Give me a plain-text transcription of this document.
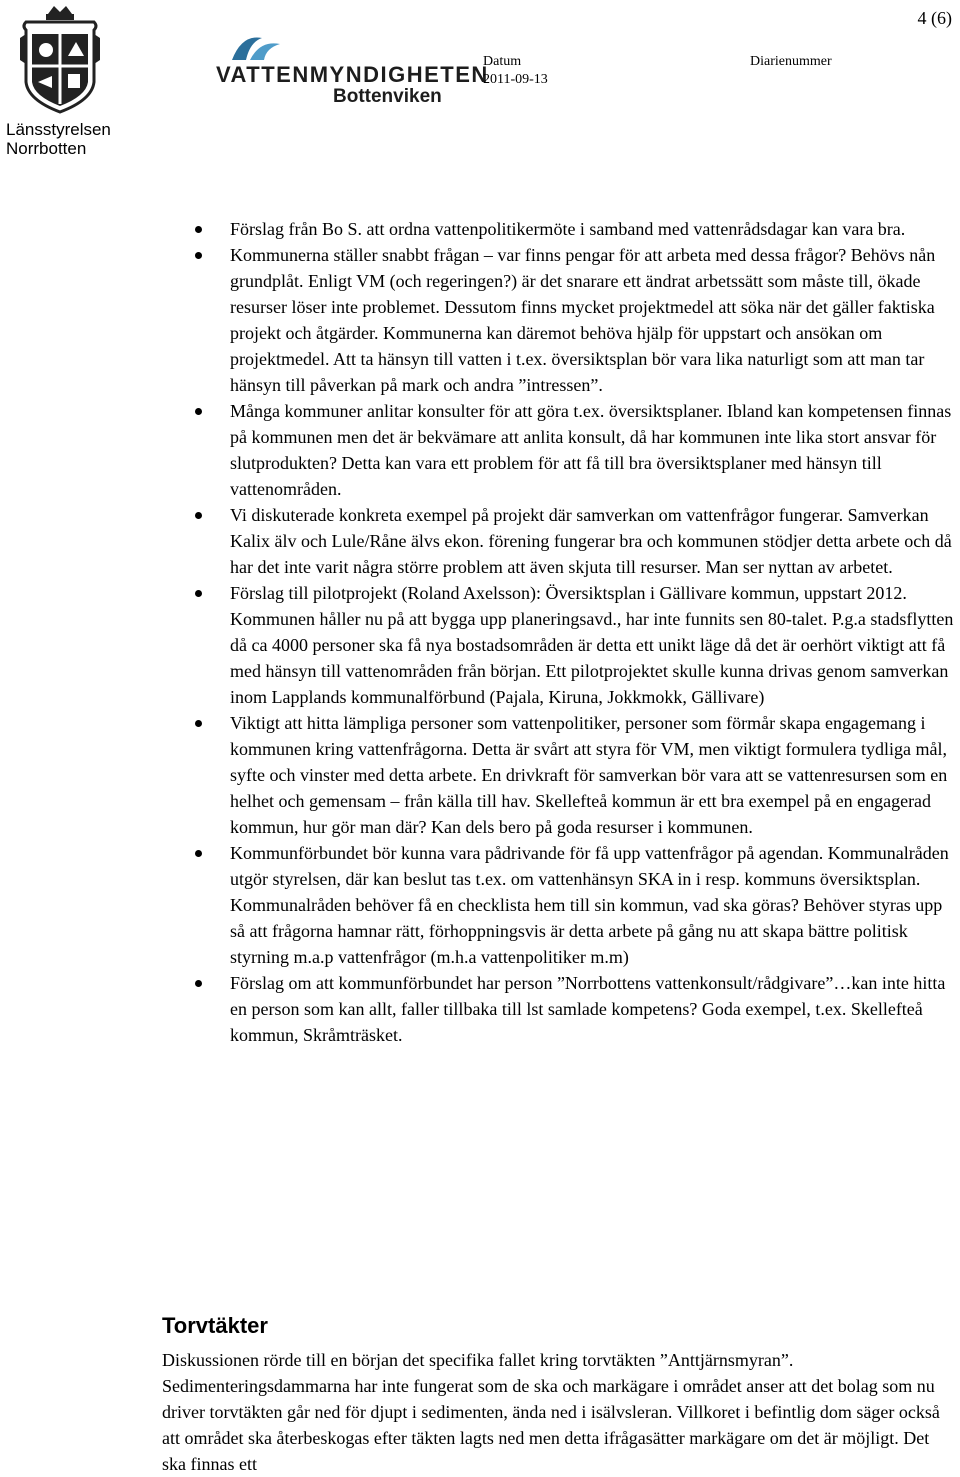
4 (6)
Länsstyrelsen
Norrbotten
VATTENMYNDIGHETEN
Bottenviken
Datum
2011-09-13
Diarienummer
Förslag från Bo S. att ordna vattenpolitikermöte i samband med vattenrådsdagar kan vara bra.
Kommunerna ställer snabbt frågan – var finns pengar för att arbeta med dessa frågor? Behövs nån grundplåt. Enligt VM (och regeringen?) är det snarare ett ändrat arbetssätt som måste till, ökade resurser löser inte problemet. Dessutom finns mycket projektmedel att söka när det gäller faktiska projekt och åtgärder. Kommunerna kan däremot behöva hjälp för uppstart och ansökan om projektmedel. Att ta hänsyn till vatten i t.ex. översiktsplan bör vara lika naturligt som att man tar hänsyn till påverkan på mark och andra ”intressen”.
Många kommuner anlitar konsulter för att göra t.ex. översiktsplaner. Ibland kan kompetensen finnas på kommunen men det är bekvämare att anlita konsult, då har kommunen inte lika stort ansvar för slutprodukten? Detta kan vara ett problem för att få till bra översiktsplaner med hänsyn till vattenområden.
Vi diskuterade konkreta exempel på projekt där samverkan om vattenfrågor fungerar. Samverkan Kalix älv och Lule/Råne älvs ekon. förening fungerar bra och kommunen stödjer detta arbete och då har det inte varit några större problem att även skjuta till resurser. Man ser nyttan av arbetet.
Förslag till pilotprojekt (Roland Axelsson): Översiktsplan i Gällivare kommun, uppstart 2012. Kommunen håller nu på att bygga upp planeringsavd., har inte funnits sen 80-talet. P.g.a stadsflytten då ca 4000 personer ska få nya bostadsområden är detta ett unikt läge då det är oerhört viktigt att få med hänsyn till vattenområden från början. Ett pilotprojektet skulle kunna drivas genom samverkan inom Lapplands kommunalförbund (Pajala, Kiruna, Jokkmokk, Gällivare)
Viktigt att hitta lämpliga personer som vattenpolitiker, personer som förmår skapa engagemang i kommunen kring vattenfrågorna. Detta är svårt att styra för VM, men viktigt formulera tydliga mål, syfte och vinster med detta arbete. En drivkraft för samverkan bör vara att se vattenresursen som en helhet och gemensam – från källa till hav. Skellefteå kommun är ett bra exempel på en engagerad kommun, hur gör man där? Kan dels bero på goda resurser i kommunen.
Kommunförbundet bör kunna vara pådrivande för få upp vattenfrågor på agendan. Kommunalråden utgör styrelsen, där kan beslut tas t.ex. om vattenhänsyn SKA in i resp. kommuns översiktsplan. Kommunalråden behöver få en checklista hem till sin kommun, vad ska göras? Behöver styras upp så att frågorna hamnar rätt, förhoppningsvis är detta arbete på gång nu att skapa bättre politisk styrning m.a.p vattenfrågor (m.h.a vattenpolitiker m.m)
Förslag om att kommunförbundet har person ”Norrbottens vattenkonsult/rådgivare”…kan inte hitta en person som kan allt, faller tillbaka till lst samlade kompetens? Goda exempel, t.ex. Skellefteå kommun, Skråmträsket.
Torvtäkter

Diskussionen rörde till en början det specifika fallet kring torvtäkten ”Anttjärnsmyran”. Sedimenteringsdammarna har inte fungerat som de ska och markägare i området anser att det bolag som nu driver torvtäkten går ned för djupt i sedimenten, ända ned i isälvsleran. Villkoret i befintlig dom säger också att området ska återbeskogas efter täkten lagts ned men detta ifrågasätter markägare om det är möjligt. Det ska finnas ett
